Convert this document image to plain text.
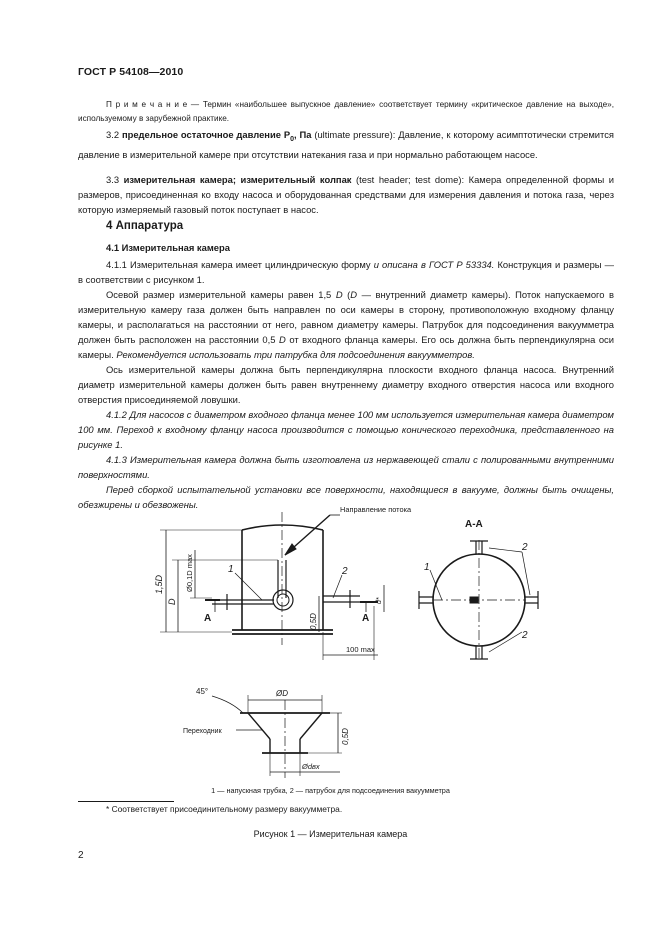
ГОСТ Р 54108—2010

П р и м е ч а н и е — Термин «наибольшее выпускное давление» соответствует термину «критическое давление на выходе», используемому в зарубежной практике.

3.2 предельное остаточное давление $P_0$, Па (ultimate pressure): Давление, к которому асимптотически стремится давление в измерительной камере при отсутствии натекания газа и при нормально работающем насосе.

3.3 измерительная камера; измерительный колпак (test header; test dome): Камера определенной формы и размеров, присоединенная ко входу насоса и оборудованная средствами для измерения давления и потока газа, через которую измеряемый газовый поток поступает в насос.

4 Аппаратура
4.1 Измерительная камера

4.1.1 Измерительная камера имеет цилиндрическую форму и описана в ГОСТ Р 53334. Конструкция и размеры — в соответствии с рисунком 1.

Осевой размер измерительной камеры равен 1,5 D (D — внутренний диаметр камеры). Поток напускаемого в измерительную камеру газа должен быть направлен по оси камеры в сторону, противоположную входному фланцу камеры, и располагаться на расстоянии от него, равном диаметру камеры. Патрубок для подсоединения вакуумметра должен быть расположен на расстоянии 0,5 D от входного фланца камеры. Его ось должна быть перпендикулярна оси камеры. Рекомендуется использовать три патрубка для подсоединения вакуумметров.

Ось измерительной камеры должна быть перпендикулярна плоскости входного фланца насоса. Внутренний диаметр измерительной камеры должен быть равен внутреннему диаметру входного отверстия насоса или входного отверстия присоединяемой ловушки.

4.1.2 Для насосов с диаметром входного фланца менее 100 мм используется измерительная камера диаметром 100 мм. Переход к входному фланцу насоса производится с помощью конического переходника, представленного на рисунке 1.

4.1.3 Измерительная камера должна быть изготовлена из нержавеющей стали с полированными внутренними поверхностями.

Перед сборкой испытательной установки все поверхности, находящиеся в вакууме, должны быть очищены, обезжирены и обезвожены.	Направление потока
А-А
1,5D
D
Ø0,1D max
0,5D
d*
100 max
А	А
1	2	1
2
2
45°	ØD
Переходник	0,5D
Ødвх
1 — напускная трубка, 2 — патрубок для подсоединения вакуумметра
* Соответствует присоединительному размеру вакуумметра.
Рисунок 1 — Измерительная камера
2
